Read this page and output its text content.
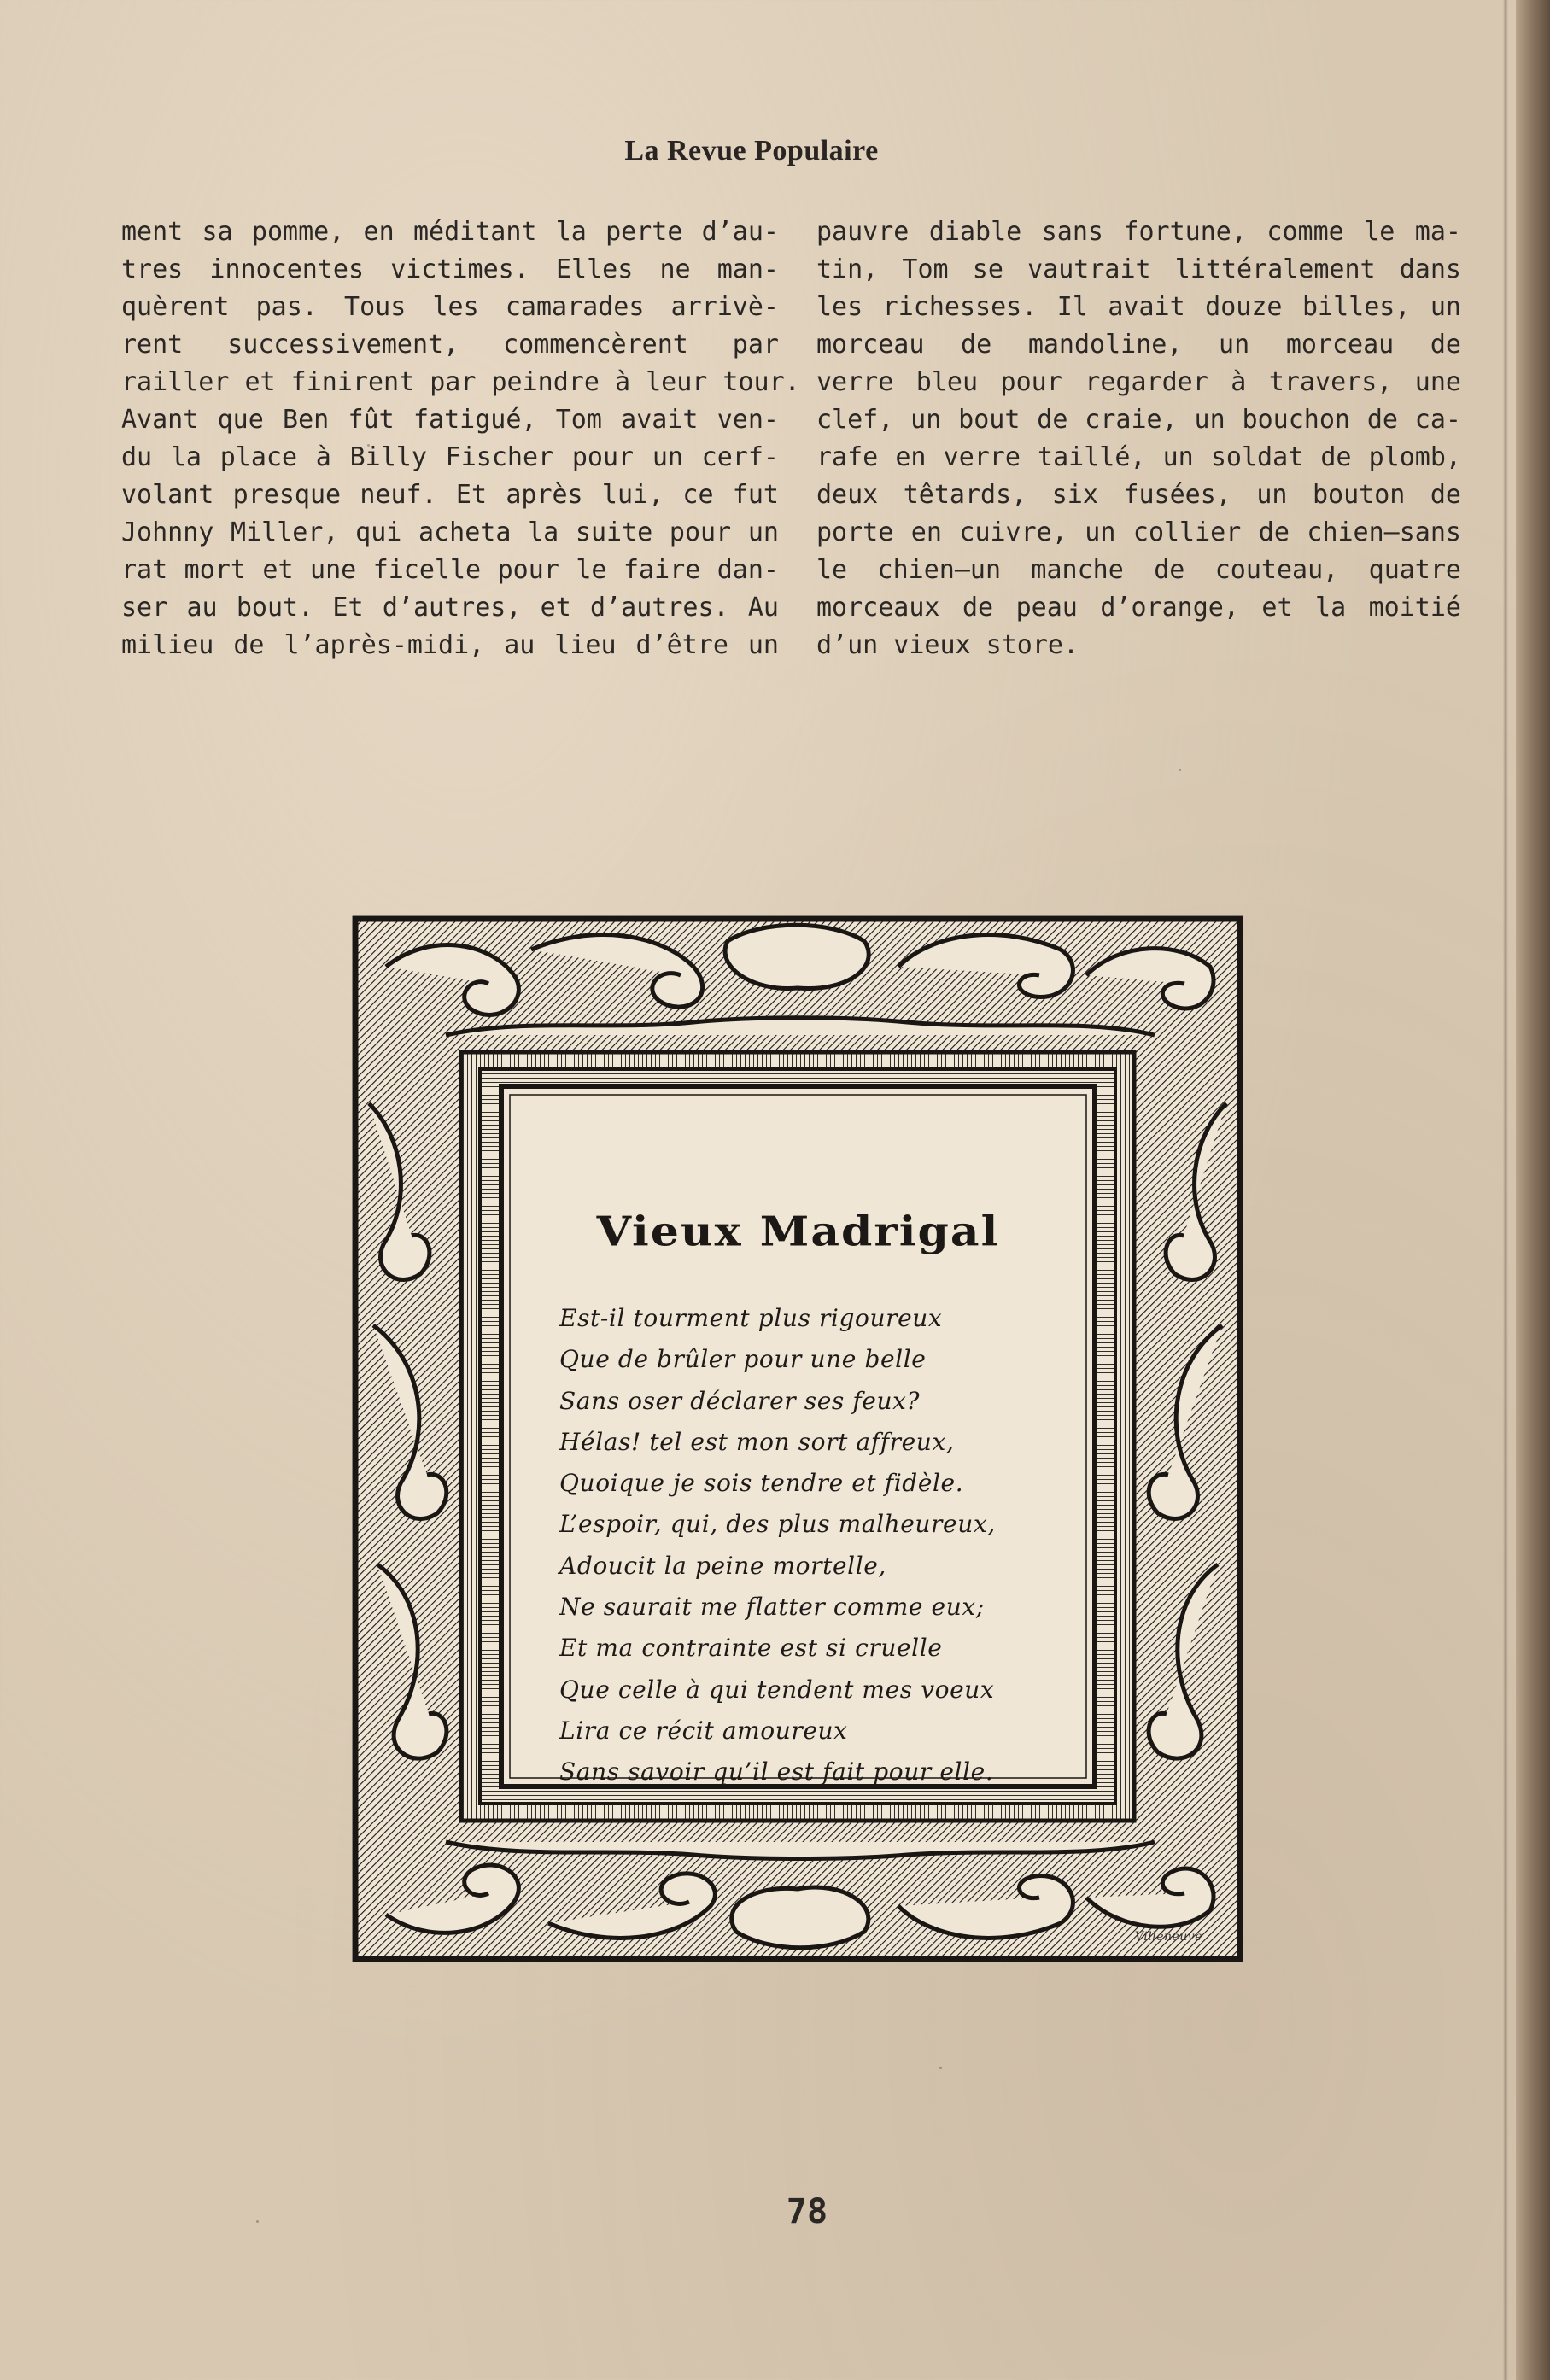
La Revue Populaire
ment sa pomme, en méditant la perte d’au-
tres innocentes victimes. Elles ne man-
quèrent pas. Tous les camarades arrivè-
rent successivement, commencèrent par
railler et finirent par peindre à leur tour.
Avant que Ben fût fatigué, Tom avait ven-
du la place à Billy Fischer pour un cerf-
volant presque neuf. Et après lui, ce fut
Johnny Miller, qui acheta la suite pour un
rat mort et une ficelle pour le faire dan-
ser au bout. Et d’autres, et d’autres. Au
milieu de l’après-midi, au lieu d’être un
pauvre diable sans fortune, comme le ma-
tin, Tom se vautrait littéralement dans
les richesses. Il avait douze billes, un
morceau de mandoline, un morceau de
verre bleu pour regarder à travers, une
clef, un bout de craie, un bouchon de ca-
rafe en verre taillé, un soldat de plomb,
deux têtards, six fusées, un bouton de
porte en cuivre, un collier de chien—sans
le chien—un manche de couteau, quatre
morceaux de peau d’orange, et la moitié
d’un vieux store.
Vieux Madrigal
Est-il tourment plus rigoureux
Que de brûler pour une belle
Sans oser déclarer ses feux?
Hélas! tel est mon sort affreux,
Quoique je sois tendre et fidèle.
L’espoir, qui, des plus malheureux,
Adoucit la peine mortelle,
Ne saurait me flatter comme eux;
Et ma contrainte est si cruelle
Que celle à qui tendent mes voeux
Lira ce récit amoureux
Sans savoir qu’il est fait pour elle.
Villeneuve
78
